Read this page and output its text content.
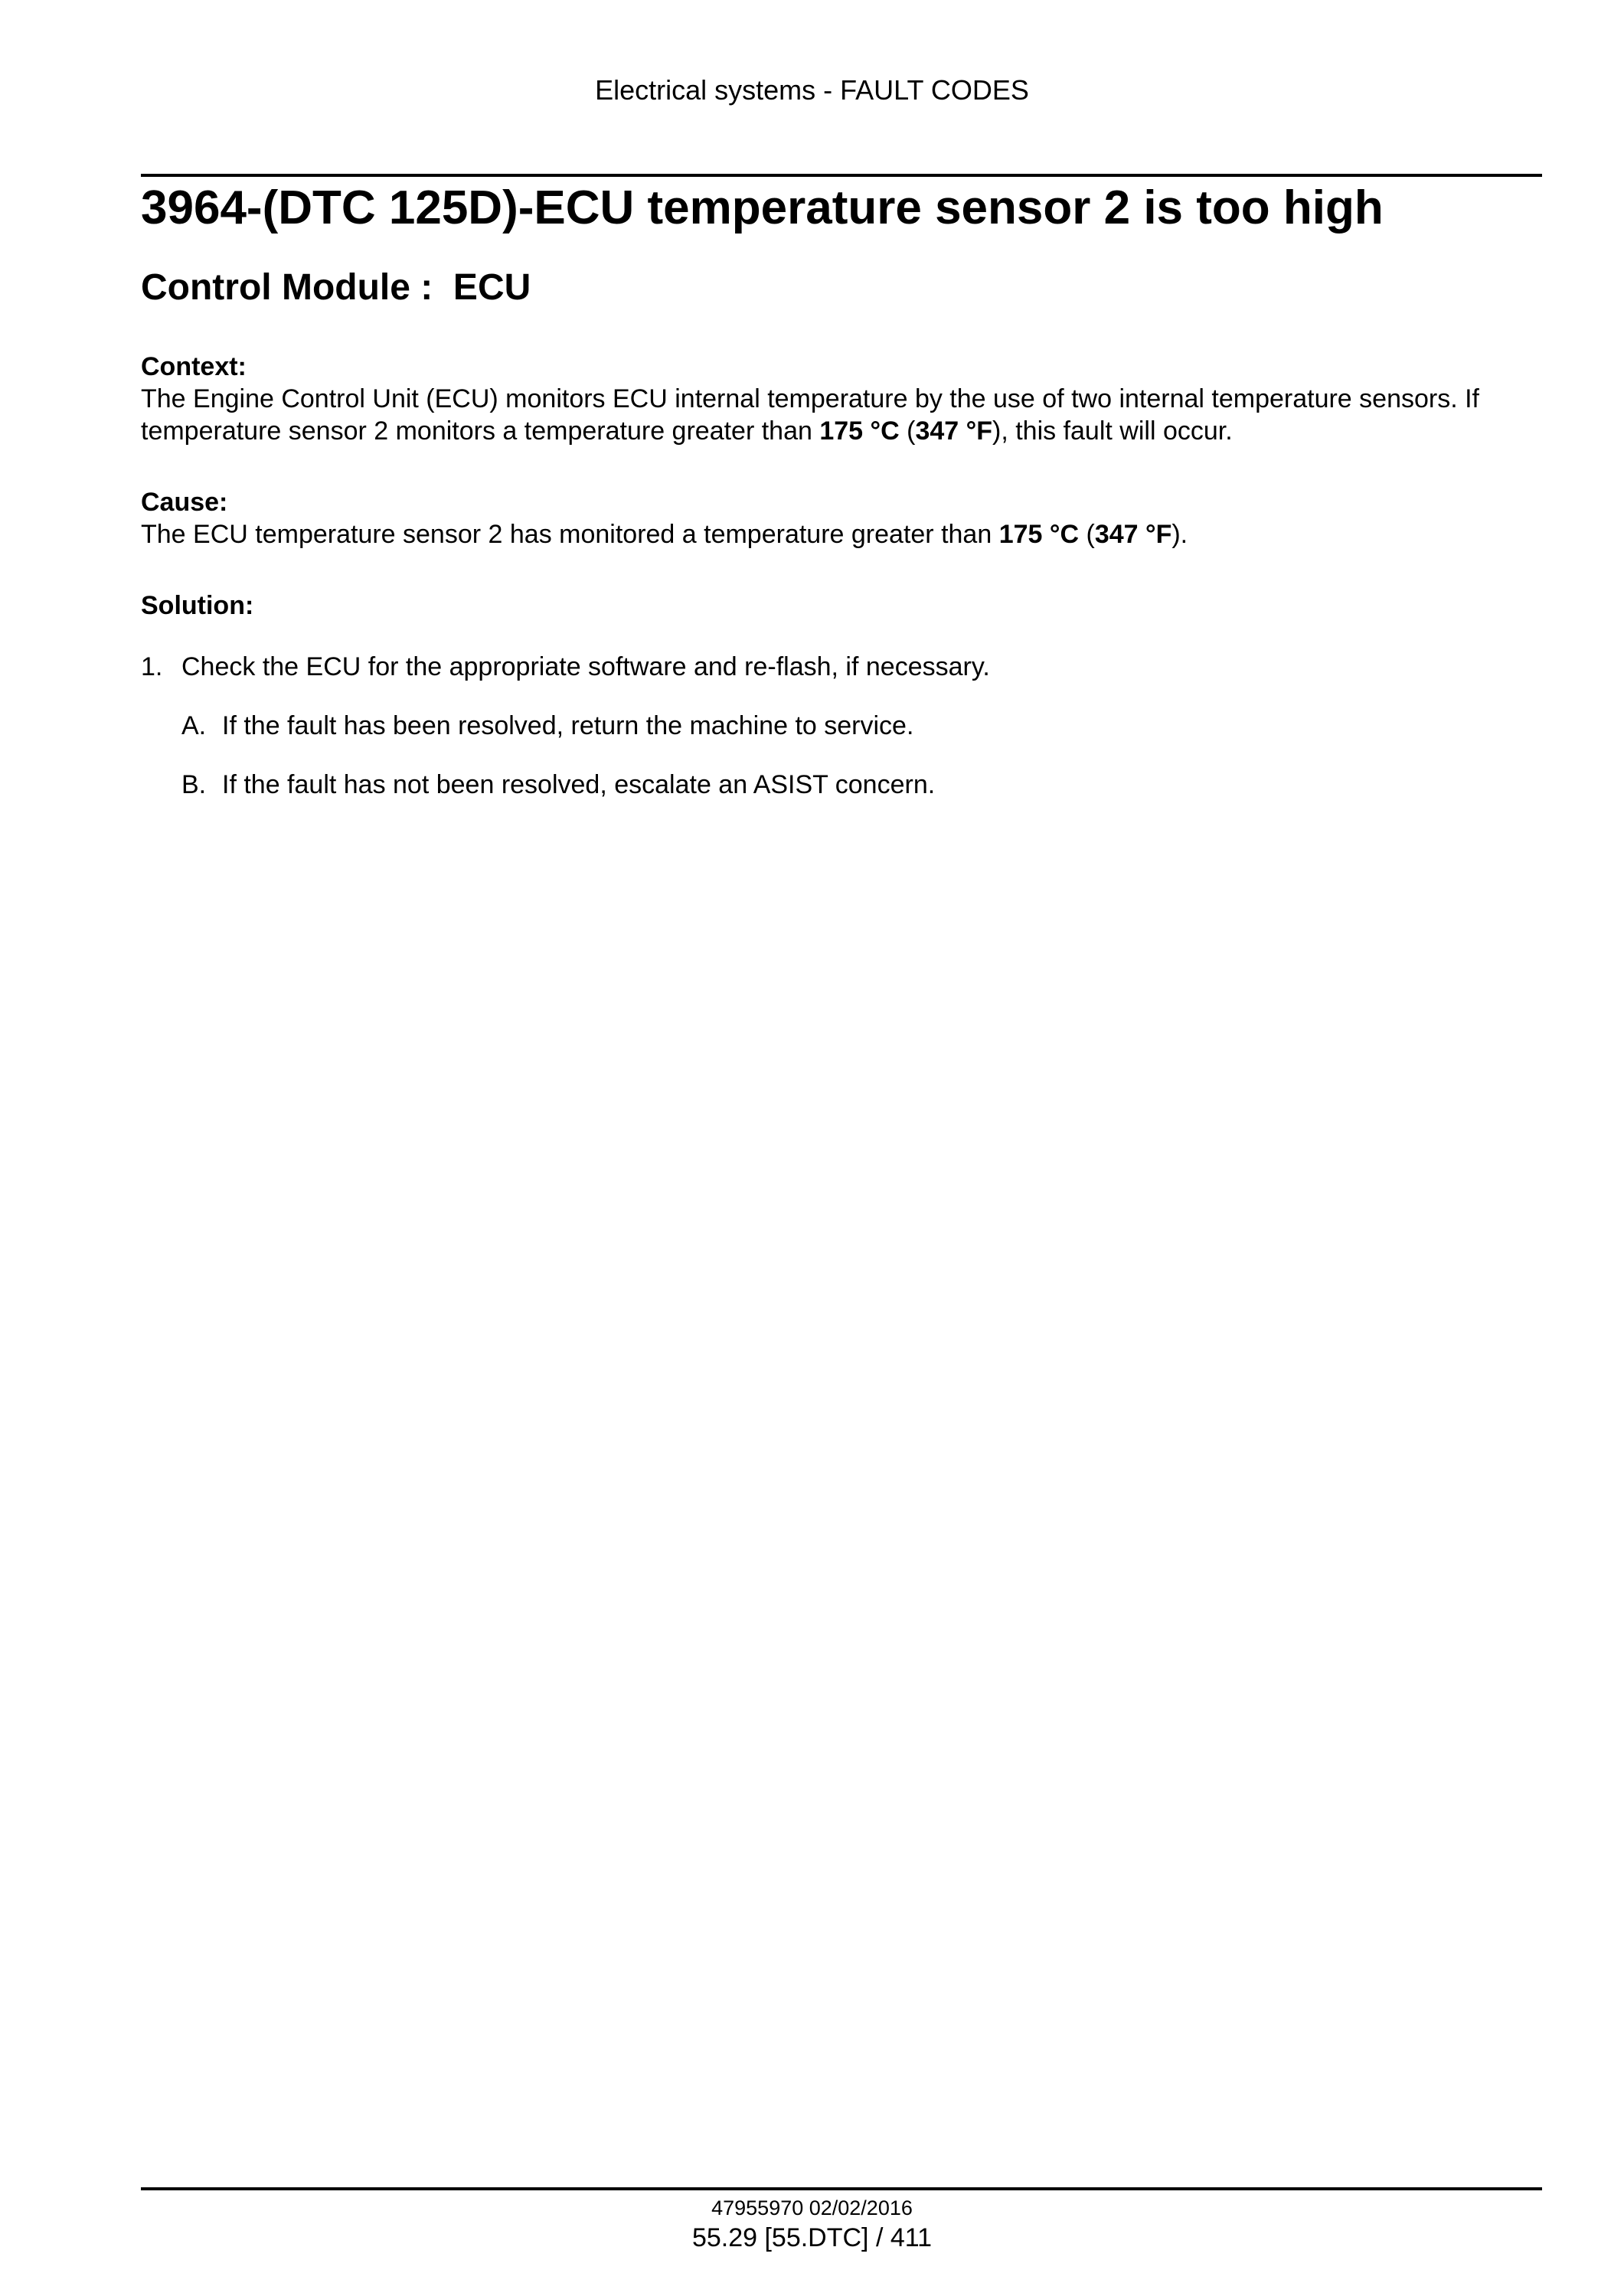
Electrical systems - FAULT CODES
3964-(DTC 125D)-ECU temperature sensor 2 is too high
Control Module :  ECU
Context:
The Engine Control Unit (ECU) monitors ECU internal temperature by the use of two internal temperature sensors. If temperature sensor 2 monitors a temperature greater than 175 °C (347 °F), this fault will occur.
Cause:
The ECU temperature sensor 2 has monitored a temperature greater than 175 °C (347 °F).
Solution:
1. Check the ECU for the appropriate software and re-flash, if necessary.
A. If the fault has been resolved, return the machine to service.
B. If the fault has not been resolved, escalate an ASIST concern.
47955970 02/02/2016
55.29 [55.DTC] / 411
